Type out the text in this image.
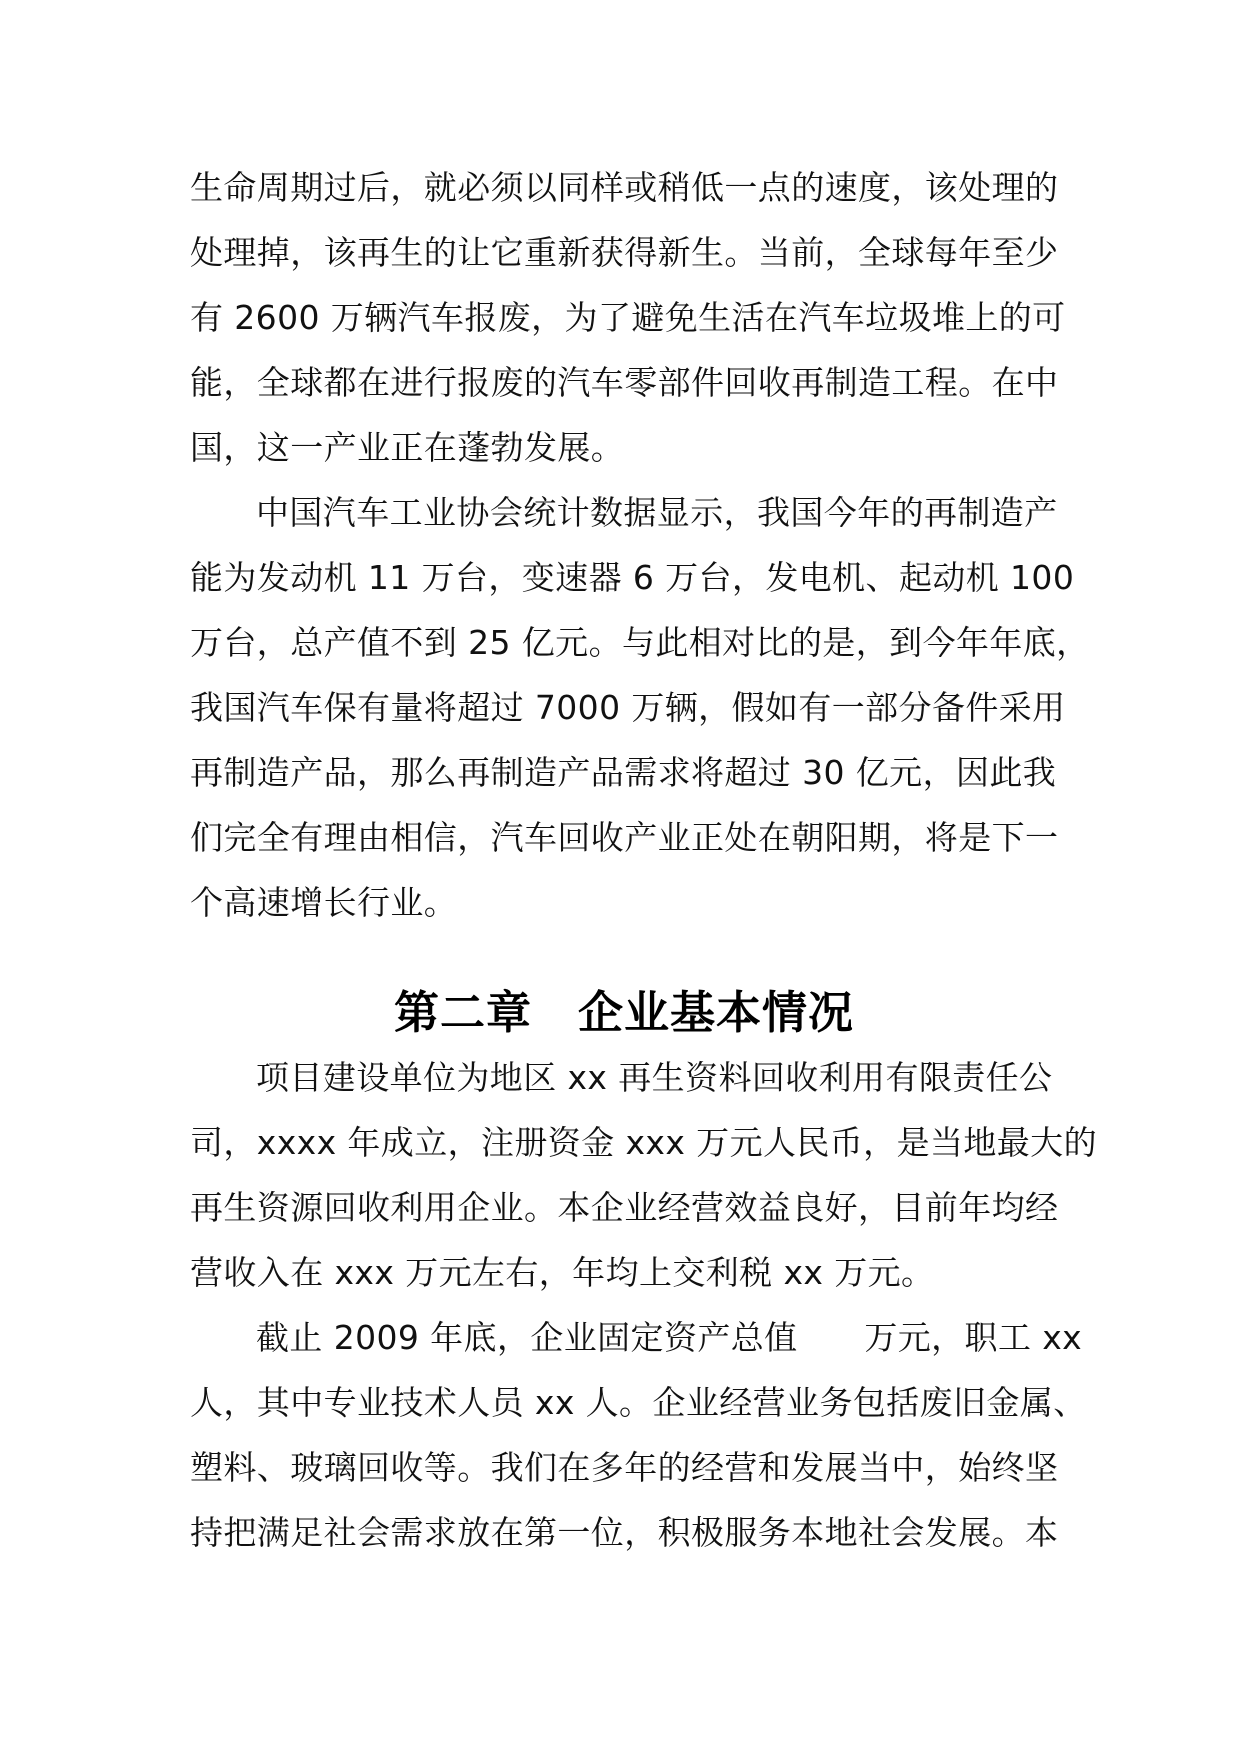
生命周期过后，就必须以同样或稍低一点的速度，该处理的
处理掉，该再生的让它重新获得新生。当前，全球每年至少
有 2600 万辆汽车报废，为了避免生活在汽车垃圾堆上的可
能，全球都在进行报废的汽车零部件回收再制造工程。在中
国，这一产业正在蓬勃发展。
中国汽车工业协会统计数据显示，我国今年的再制造产
能为发动机 11 万台，变速器 6 万台，发电机、起动机 100
万台，总产值不到 25 亿元。与此相对比的是，到今年年底，
我国汽车保有量将超过 7000 万辆，假如有一部分备件采用
再制造产品，那么再制造产品需求将超过 30 亿元，因此我
们完全有理由相信，汽车回收产业正处在朝阳期，将是下一
个高速增长行业。
第二章　企业基本情况
项目建设单位为地区 xx 再生资料回收利用有限责任公
司，xxxx 年成立，注册资金 xxx 万元人民币，是当地最大的
再生资源回收利用企业。本企业经营效益良好，目前年均经
营收入在 xxx 万元左右，年均上交利税 xx 万元。
截止 2009 年底，企业固定资产总值　　万元，职工 xx
人，其中专业技术人员 xx 人。企业经营业务包括废旧金属、
塑料、玻璃回收等。我们在多年的经营和发展当中，始终坚
持把满足社会需求放在第一位，积极服务本地社会发展。本
